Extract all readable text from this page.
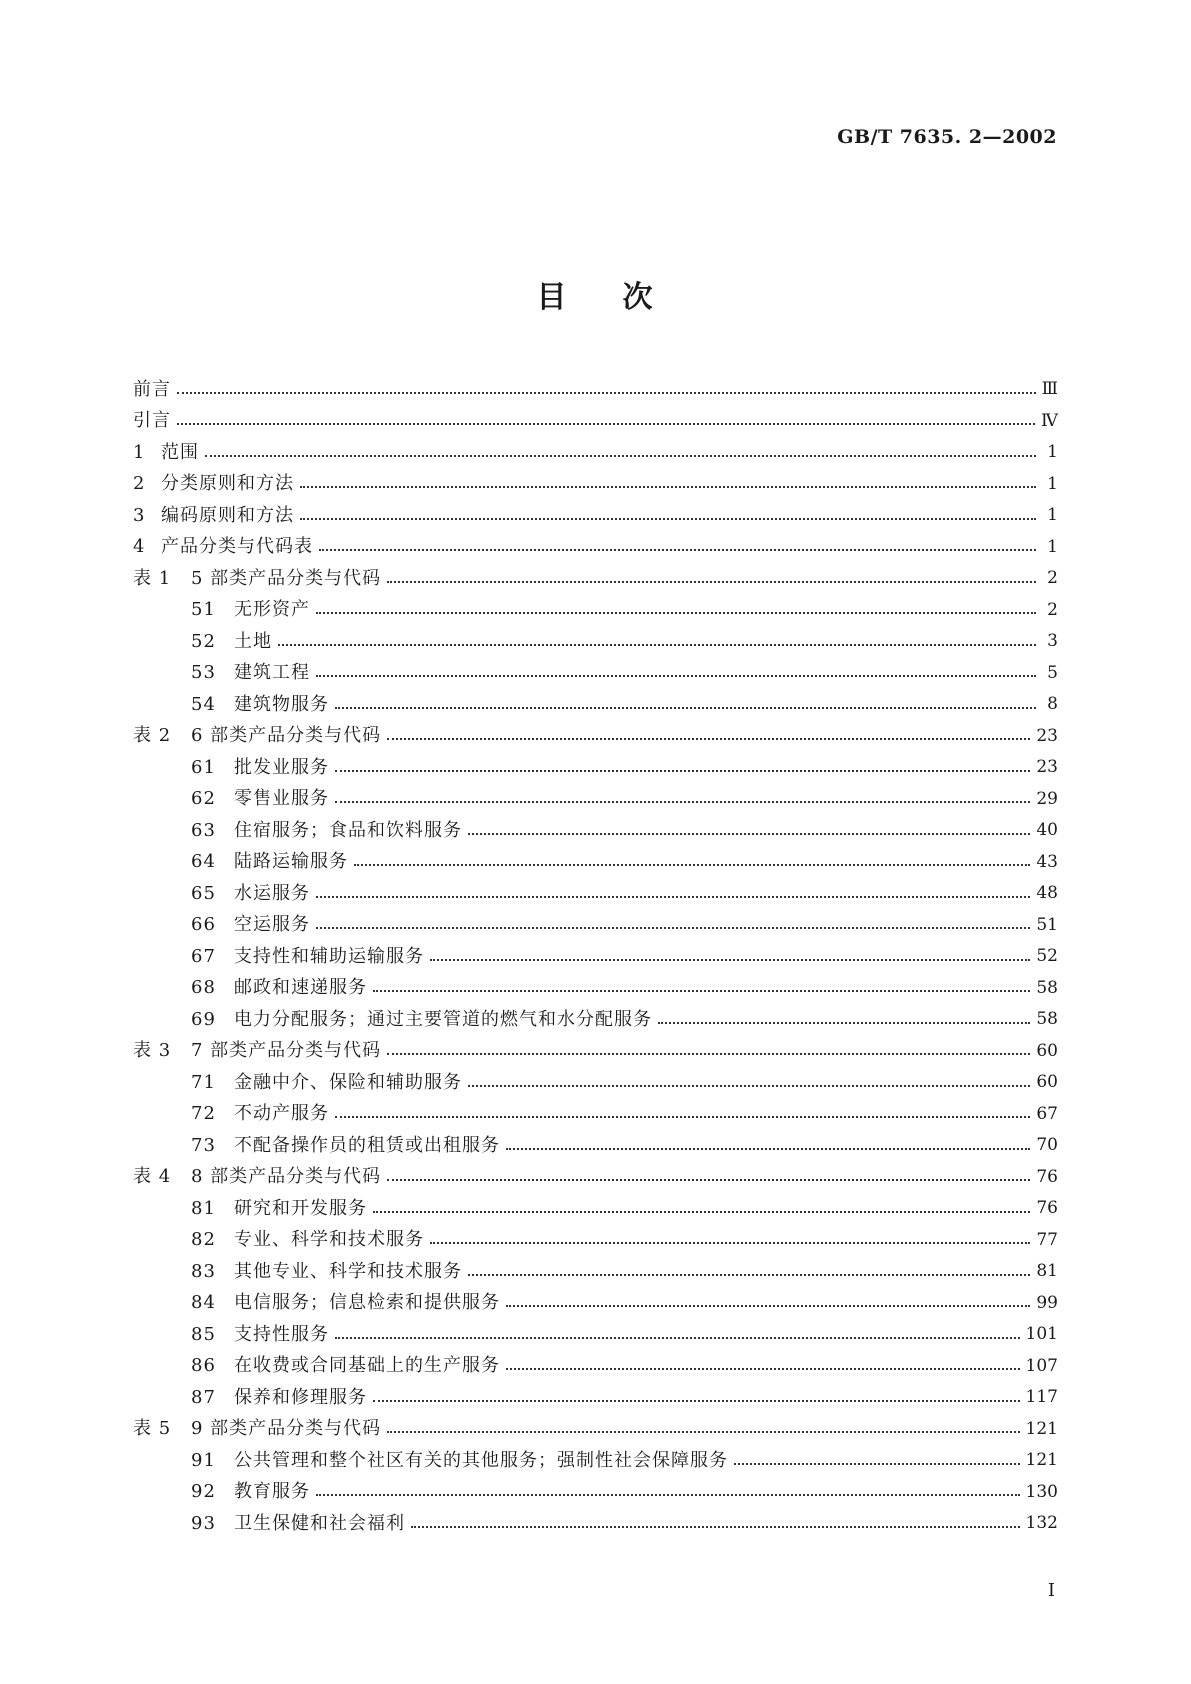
GB/T 7635. 2—2002
目 次
前言	Ⅲ
引言	Ⅳ
1 范围	1
2 分类原则和方法	1
3 编码原则和方法	1
4 产品分类与代码表	1
表 1	5 部类产品分类与代码	2
51	无形资产	2
52	土地	3
53	建筑工程	5
54	建筑物服务	8
表 2	6 部类产品分类与代码	23
61	批发业服务	23
62	零售业服务	29
63	住宿服务；食品和饮料服务	40
64	陆路运输服务	43
65	水运服务	48
66	空运服务	51
67	支持性和辅助运输服务	52
68	邮政和速递服务	58
69	电力分配服务；通过主要管道的燃气和水分配服务	58
表 3	7 部类产品分类与代码	60
71	金融中介、保险和辅助服务	60
72	不动产服务	67
73	不配备操作员的租赁或出租服务	70
表 4	8 部类产品分类与代码	76
81	研究和开发服务	76
82	专业、科学和技术服务	77
83	其他专业、科学和技术服务	81
84	电信服务；信息检索和提供服务	99
85	支持性服务	101
86	在收费或合同基础上的生产服务	107
87	保养和修理服务	117
表 5	9 部类产品分类与代码	121
91	公共管理和整个社区有关的其他服务；强制性社会保障服务	121
92	教育服务	130
93	卫生保健和社会福利	132
I
